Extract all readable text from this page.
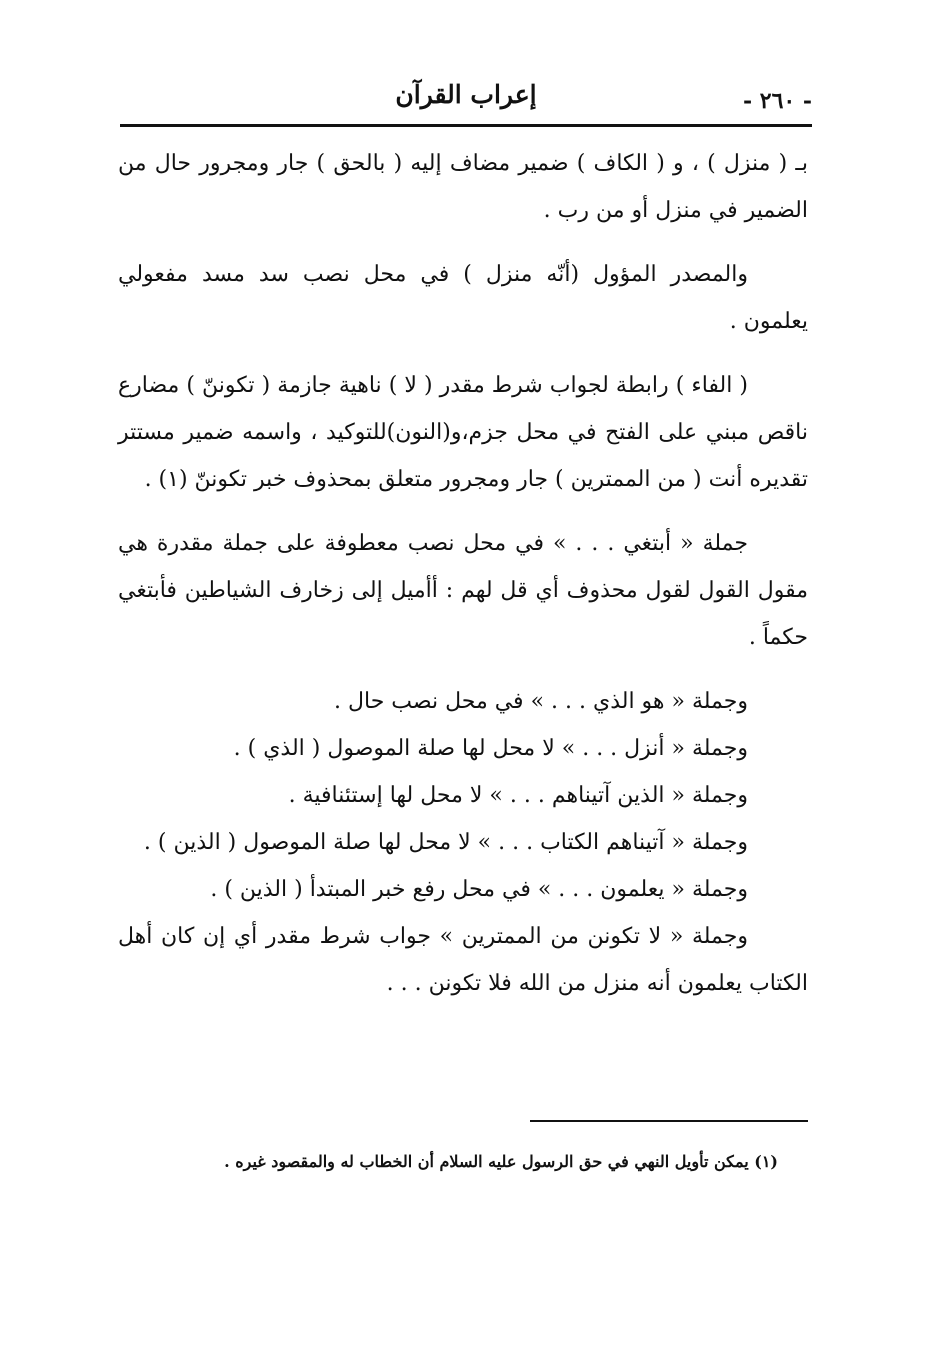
إعراب القرآن	- ٢٦٠ -

بـ ( منزل ) ، و ( الكاف ) ضمير مضاف إليه ( بالحق ) جار ومجرور حال من الضمير في منزل أو من رب .

والمصدر المؤول (أنّه منزل ) في محل نصب سد مسد مفعولي يعلمون .

( الفاء ) رابطة لجواب شرط مقدر ( لا ) ناهية جازمة ( تكوننّ ) مضارع ناقص مبني على الفتح في محل جزم،و(النون)للتوكيد ، واسمه ضمير مستتر تقديره أنت ( من الممترين ) جار ومجرور متعلق بمحذوف خبر تكوننّ (١) .

جملة « أبتغي . . . » في محل نصب معطوفة على جملة مقدرة هي مقول القول لقول محذوف أي قل لهم : أأميل إلى زخارف الشياطين فأبتغي حكماً .

وجملة « هو الذي . . . » في محل نصب حال .

وجملة « أنزل . . . » لا محل لها صلة الموصول ( الذي ) .

وجملة « الذين آتيناهم . . . » لا محل لها إستئنافية .

وجملة « آتيناهم الكتاب . . . » لا محل لها صلة الموصول ( الذين ) .

وجملة « يعلمون . . . » في محل رفع خبر المبتدأ ( الذين ) .

وجملة « لا تكونن من الممترين » جواب شرط مقدر أي إن كان أهل الكتاب يعلمون أنه منزل من الله فلا تكونن . . .

(١) يمكن تأويل النهي في حق الرسول عليه السلام أن الخطاب له والمقصود غيره .
